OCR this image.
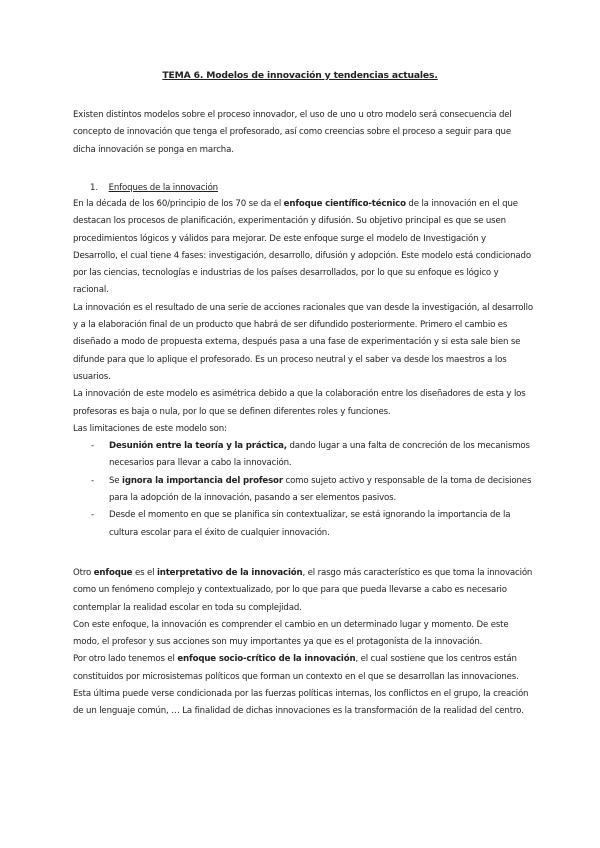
TEMA 6. Modelos de innovación y tendencias actuales.

Existen distintos modelos sobre el proceso innovador, el uso de uno u otro modelo será consecuencia del concepto de innovación que tenga el profesorado, así como creencias sobre el proceso a seguir para que dicha innovación se ponga en marcha.

1. Enfoques de la innovación

En la década de los 60/principio de los 70 se da el enfoque científico-técnico de la innovación en el que destacan los procesos de planificación, experimentación y difusión. Su objetivo principal es que se usen procedimientos lógicos y válidos para mejorar. De este enfoque surge el modelo de Investigación y Desarrollo, el cual tiene 4 fases: investigación, desarrollo, difusión y adopción. Este modelo está condicionado por las ciencias, tecnologías e industrias de los países desarrollados, por lo que su enfoque es lógico y racional.

La innovación es el resultado de una serie de acciones racionales que van desde la investigación, al desarrollo y a la elaboración final de un producto que habrá de ser difundido posteriormente. Primero el cambio es diseñado a modo de propuesta externa, después pasa a una fase de experimentación y si esta sale bien se difunde para que lo aplique el profesorado. Es un proceso neutral y el saber va desde los maestros a los usuarios.

La innovación de este modelo es asimétrica debido a que la colaboración entre los diseñadores de esta y los profesoras es baja o nula, por lo que se definen diferentes roles y funciones.

Las limitaciones de este modelo son:

- Desunión entre la teoría y la práctica, dando lugar a una falta de concreción de los mecanismos necesarios para llevar a cabo la innovación.
- Se ignora la importancia del profesor como sujeto activo y responsable de la toma de decisiones para la adopción de la innovación, pasando a ser elementos pasivos.
- Desde el momento en que se planifica sin contextualizar, se está ignorando la importancia de la cultura escolar para el éxito de cualquier innovación.

Otro enfoque es el interpretativo de la innovación, el rasgo más característico es que toma la innovación como un fenómeno complejo y contextualizado, por lo que para que pueda llevarse a cabo es necesario contemplar la realidad escolar en toda su complejidad.

Con este enfoque, la innovación es comprender el cambio en un determinado lugar y momento. De este modo, el profesor y sus acciones son muy importantes ya que es el protagonista de la innovación.

Por otro lado tenemos el enfoque socio-crítico de la innovación, el cual sostiene que los centros están constituidos por microsistemas políticos que forman un contexto en el que se desarrollan las innovaciones. Esta última puede verse condicionada por las fuerzas políticas internas, los conflictos en el grupo, la creación de un lenguaje común, … La finalidad de dichas innovaciones es la transformación de la realidad del centro.
